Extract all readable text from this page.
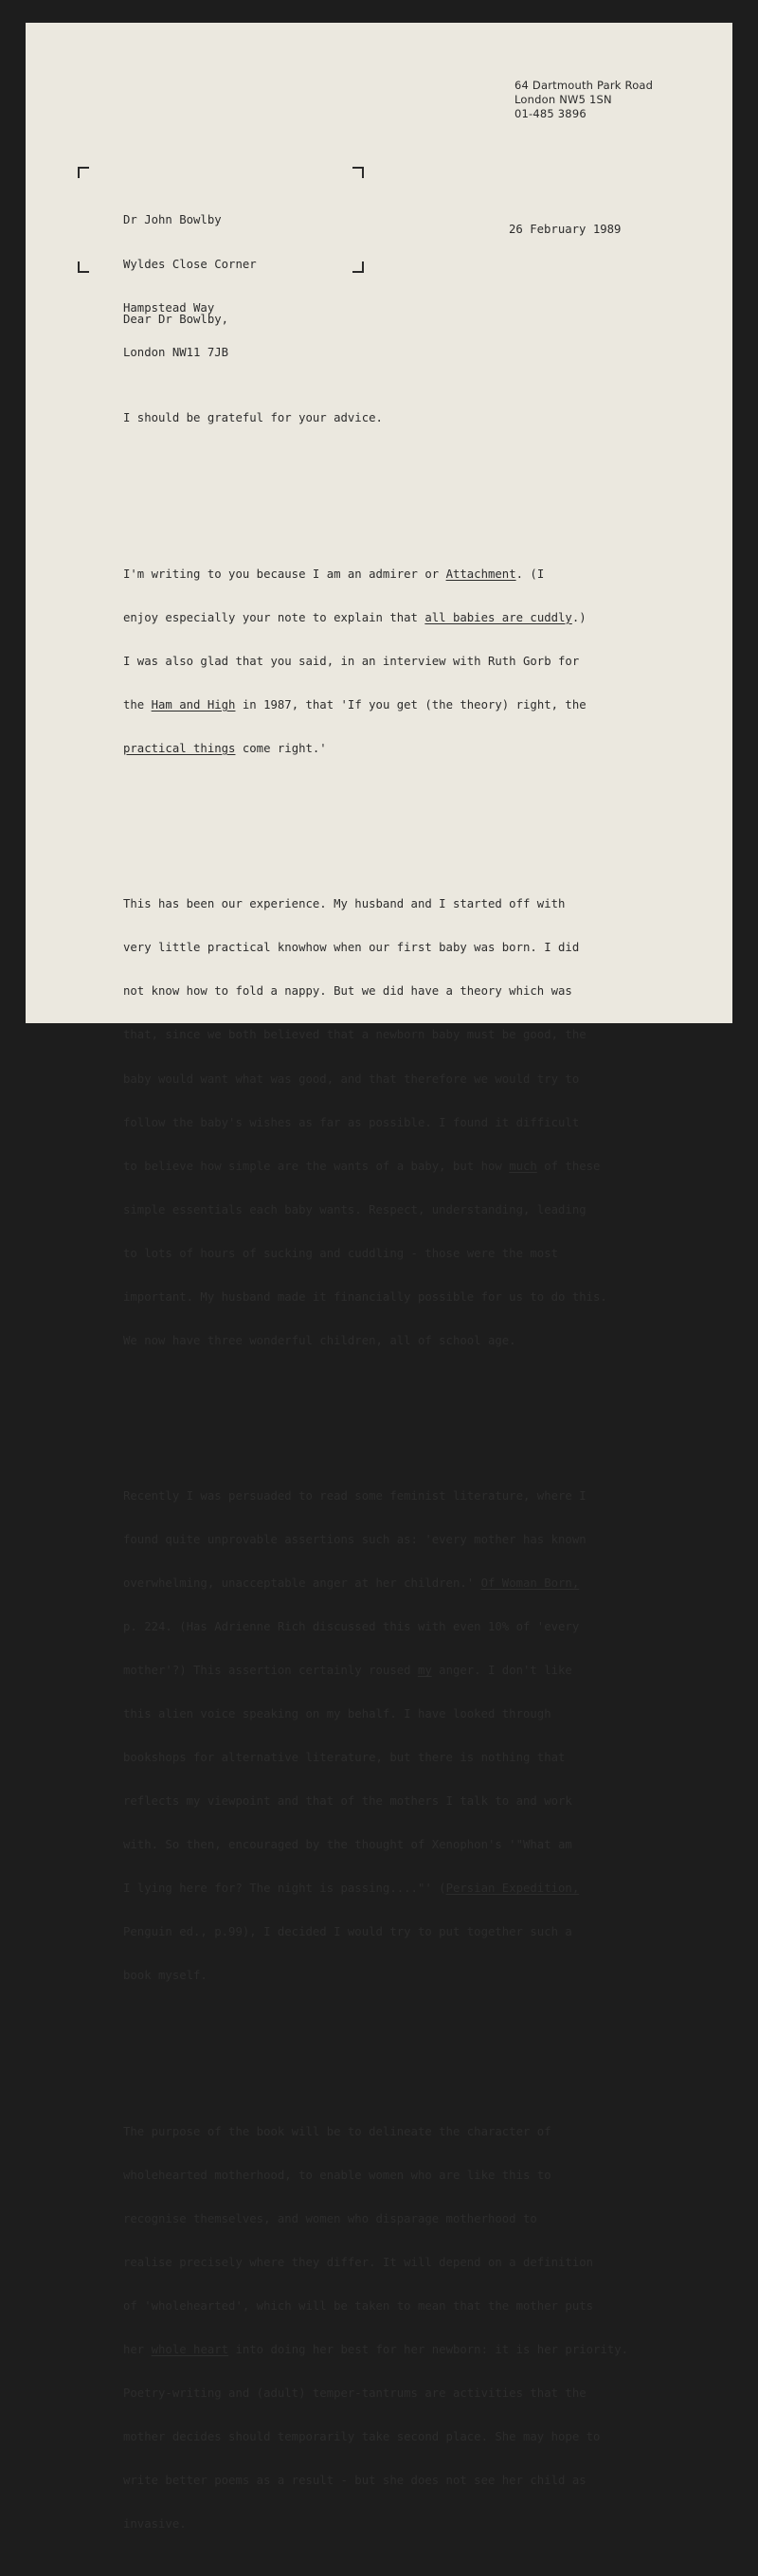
64 Dartmouth Park Road
London NW5 1SN
01-485 3896

Dr John Bowlby

Wyldes Close Corner

Hampstead Way

London NW11 7JB

26 February 1989
Dear Dr Bowlby,

I should be grateful for your advice.

I'm writing to you because I am an admirer or Attachment. (I

enjoy especially your note to explain that all babies are cuddly.)

I was also glad that you said, in an interview with Ruth Gorb for

the Ham and High in 1987, that 'If you get (the theory) right, the

practical things come right.'

This has been our experience. My husband and I started off with

very little practical knowhow when our first baby was born. I did

not know how to fold a nappy. But we did have a theory which was

that, since we both believed that a newborn baby must be good, the

baby would want what was good, and that therefore we would try to

follow the baby's wishes as far as possible. I found it difficult

to believe how simple are the wants of a baby, but how much of these

simple essentials each baby wants. Respect, understanding, leading

to lots of hours of sucking and cuddling - those were the most

important. My husband made it financially possible for us to do this.

We now have three wonderful children, all of school age.

Recently I was persuaded to read some feminist literature, where I

found quite unprovable assertions such as: 'every mother has known

overwhelming, unacceptable anger at her children.' Of Woman Born,

p. 224. (Has Adrienne Rich discussed this with even 10% of 'every

mother'?) This assertion certainly roused my anger. I don't like

this alien voice speaking on my behalf. I have looked through

bookshops for alternative literature, but there is nothing that

reflects my viewpoint and that of the mothers I talk to and work

with. So then, encouraged by the thought of Xenophon's '"What am

I lying here for? The night is passing...."' (Persian Expedition,

Penguin ed., p.99), I decided I would try to put together such a

book myself.

The purpose of the book will be to delineate the character of

wholehearted motherhood, to enable women who are like this to

recognise themselves, and women who disparage motherhood to

realise precisely where they differ. It will depend on a definition

of 'wholehearted', which will be taken to mean that the mother puts

her whole heart into doing her best for her newborn: it is her priority.

Poetry-writing and (adult) temper-tantrums are activities that the

mother decides should temporarily take second place. She may hope to

write better poems as a result - but she does not see her child as

invasive.
